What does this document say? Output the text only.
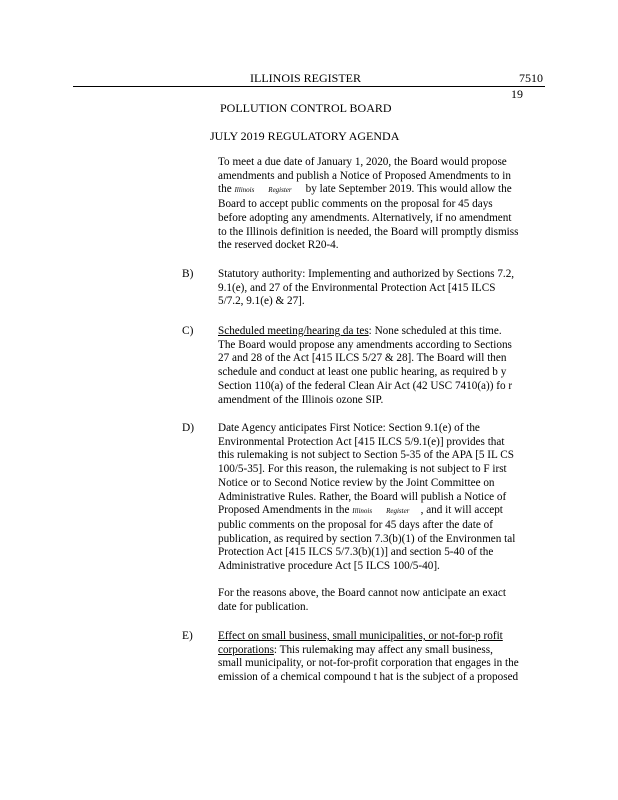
ILLINOIS REGISTER	7510
19
POLLUTION CONTROL BOARD
JULY 2019 REGULATORY AGENDA
To meet a due date of January 1, 2020, the Board would propose
amendments and publish a Notice of Proposed Amendments to in
the Illinois Register by late September 2019. This would allow the
Board to accept public comments on the proposal for 45 days
before adopting any amendments. Alternatively, if no amendment
to the Illinois definition is needed, the Board will promptly dismiss
the reserved docket R20-4.
B) Statutory authority: Implementing and authorized by Sections 7.2,
9.1(e), and 27 of the Environmental Protection Act [415 ILCS
5/7.2, 9.1(e) & 27].
C) Scheduled meeting/hearing da tes: None scheduled at this time.
The Board would propose any amendments according to Sections
27 and 28 of the Act [415 ILCS 5/27 & 28]. The Board will then
schedule and conduct at least one public hearing, as required b y
Section 110(a) of the federal Clean Air Act (42 USC 7410(a)) fo r
amendment of the Illinois ozone SIP.
D) Date Agency anticipates First Notice: Section 9.1(e) of the
Environmental Protection Act [415 ILCS 5/9.1(e)] provides that
this rulemaking is not subject to Section 5-35 of the APA [5 IL CS
100/5-35]. For this reason, the rulemaking is not subject to F irst
Notice or to Second Notice review by the Joint Committee on
Administrative Rules. Rather, the Board will publish a Notice of
Proposed Amendments in the Illinois Register , and it will accept
public comments on the proposal for 45 days after the date of
publication, as required by section 7.3(b)(1) of the Environmen tal
Protection Act [415 ILCS 5/7.3(b)(1)] and section 5-40 of the
Administrative procedure Act [5 ILCS 100/5-40].
For the reasons above, the Board cannot now anticipate an exact
date for publication.
E) Effect on small business, small municipalities, or not-for-p rofit
corporations: This rulemaking may affect any small business,
small municipality, or not-for-profit corporation that engages in the
emission of a chemical compound t hat is the subject of a proposed
